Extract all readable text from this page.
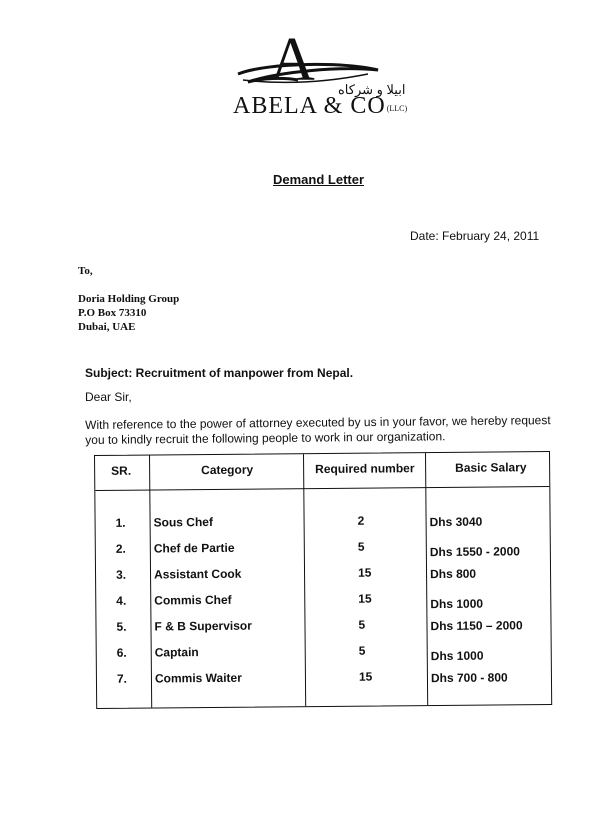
A ابيلا و شركاه
ABELA & CO(LLC)
Demand Letter
Date: February 24, 2011
To,
Doria Holding Group
P.O Box 73310
Dubai, UAE
Subject: Recruitment of manpower from Nepal.
Dear Sir,
With reference to the power of attorney executed by us in your favor, we hereby request you to kindly recruit the following people to work in our organization.
SR.	Category	Required number	Basic Salary
1. Sous Chef	2	Dhs 3040
2. Chef de Partie	5	Dhs 1550 - 2000
3. Assistant Cook	15	Dhs 800
4. Commis Chef	15	Dhs 1000
5. F & B Supervisor	5	Dhs 1150 – 2000
6. Captain	5	Dhs 1000
7. Commis Waiter	15	Dhs 700 - 800
